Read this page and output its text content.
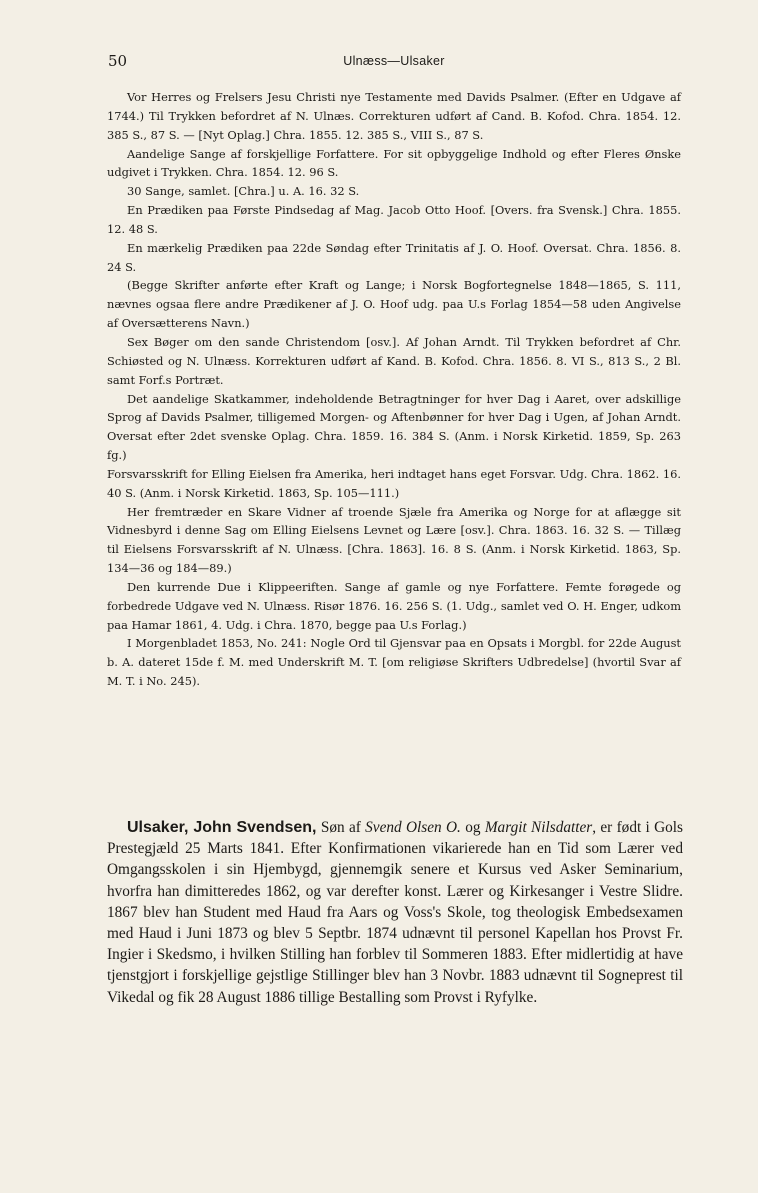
50	Ulnæss—Ulsaker

Vor Herres og Frelsers Jesu Christi nye Testamente med Davids Psalmer. (Efter en Udgave af 1744.) Til Trykken befordret af N. Ulnæs. Correkturen udført af Cand. B. Kofod. Chra. 1854. 12. 385 S., 87 S. — [Nyt Oplag.] Chra. 1855. 12. 385 S., VIII S., 87 S.

Aandelige Sange af forskjellige Forfattere. For sit opbyggelige Indhold og efter Fleres Ønske udgivet i Trykken. Chra. 1854. 12. 96 S.

30 Sange, samlet. [Chra.] u. A. 16. 32 S.

En Prædiken paa Første Pindsedag af Mag. Jacob Otto Hoof. [Overs. fra Svensk.] Chra. 1855. 12. 48 S.

En mærkelig Prædiken paa 22de Søndag efter Trinitatis af J. O. Hoof. Oversat. Chra. 1856. 8. 24 S.

(Begge Skrifter anførte efter Kraft og Lange; i Norsk Bogfortegnelse 1848—1865, S. 111, nævnes ogsaa flere andre Prædikener af J. O. Hoof udg. paa U.s Forlag 1854—58 uden Angivelse af Oversætterens Navn.)

Sex Bøger om den sande Christendom [osv.]. Af Johan Arndt. Til Trykken befordret af Chr. Schiøsted og N. Ulnæss. Korrekturen udført af Kand. B. Kofod. Chra. 1856. 8. VI S., 813 S., 2 Bl. samt Forf.s Portræt.

Det aandelige Skatkammer, indeholdende Betragtninger for hver Dag i Aaret, over adskillige Sprog af Davids Psalmer, tilligemed Morgen- og Aftenbønner for hver Dag i Ugen, af Johan Arndt. Oversat efter 2det svenske Oplag. Chra. 1859. 16. 384 S. (Anm. i Norsk Kirketid. 1859, Sp. 263 fg.)

Forsvarsskrift for Elling Eielsen fra Amerika, heri indtaget hans eget Forsvar. Udg. Chra. 1862. 16. 40 S. (Anm. i Norsk Kirketid. 1863, Sp. 105—111.)

Her fremtræder en Skare Vidner af troende Sjæle fra Amerika og Norge for at aflægge sit Vidnesbyrd i denne Sag om Elling Eielsens Levnet og Lære [osv.]. Chra. 1863. 16. 32 S. — Tillæg til Eielsens Forsvarsskrift af N. Ulnæss. [Chra. 1863]. 16. 8 S. (Anm. i Norsk Kirketid. 1863, Sp. 134—36 og 184—89.)

Den kurrende Due i Klippeeriften. Sange af gamle og nye Forfattere. Femte forøgede og forbedrede Udgave ved N. Ulnæss. Risør 1876. 16. 256 S. (1. Udg., samlet ved O. H. Enger, udkom paa Hamar 1861, 4. Udg. i Chra. 1870, begge paa U.s Forlag.)

I Morgenbladet 1853, No. 241: Nogle Ord til Gjensvar paa en Opsats i Morgbl. for 22de August b. A. dateret 15de f. M. med Underskrift M. T. [om religiøse Skrifters Udbredelse] (hvortil Svar af M. T. i No. 245).

Ulsaker, John Svendsen, Søn af Svend Olsen O. og Margit Nilsdatter, er født i Gols Prestegjæld 25 Marts 1841. Efter Konfirmationen vikarierede han en Tid som Lærer ved Omgangsskolen i sin Hjembygd, gjennemgik senere et Kursus ved Asker Seminarium, hvorfra han dimitteredes 1862, og var derefter konst. Lærer og Kirkesanger i Vestre Slidre. 1867 blev han Student med Haud fra Aars og Voss's Skole, tog theologisk Embedsexamen med Haud i Juni 1873 og blev 5 Septbr. 1874 udnævnt til personel Kapellan hos Provst Fr. Ingier i Skedsmo, i hvilken Stilling han forblev til Sommeren 1883. Efter midlertidig at have tjenstgjort i forskjellige gejstlige Stillinger blev han 3 Novbr. 1883 udnævnt til Sogneprest til Vikedal og fik 28 August 1886 tillige Bestalling som Provst i Ryfylke.
